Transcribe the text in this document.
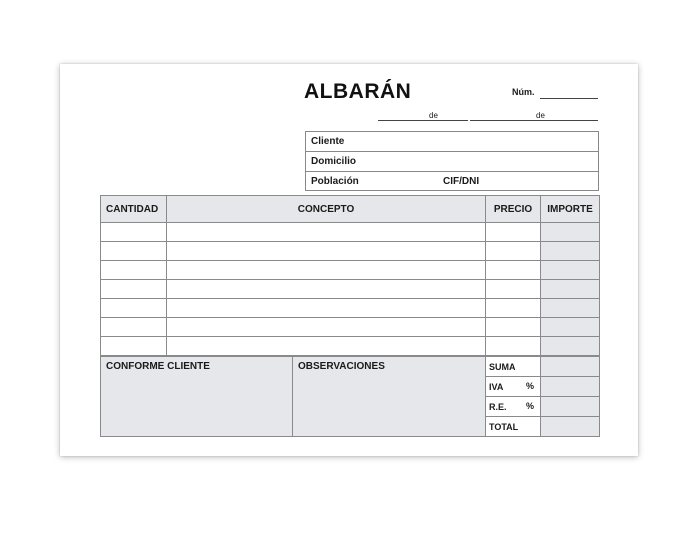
ALBARÁN	Núm.
de	de
Cliente
Domicilio
Población	CIF/DNI
CANTIDAD	CONCEPTO	PRECIO	IMPORTE

CONFORME CLIENTE	OBSERVACIONES	SUMA	
		IVA %	

		R.E. %	

		TOTAL	
